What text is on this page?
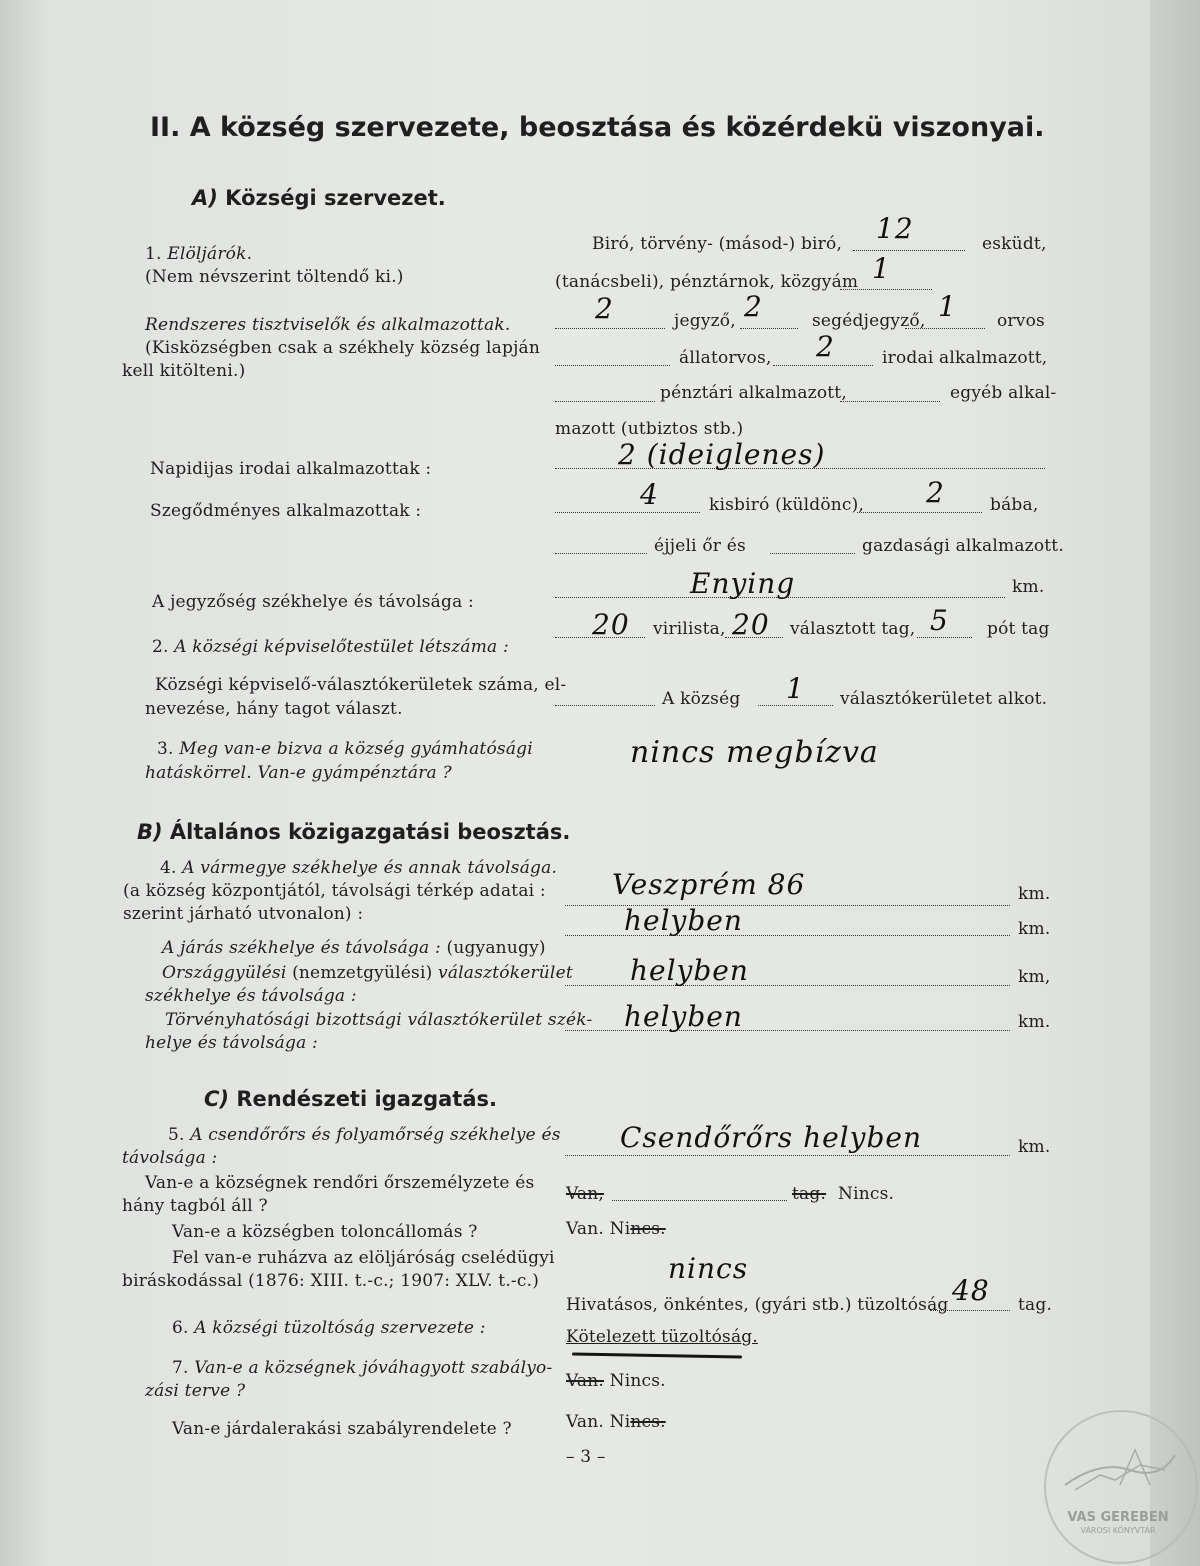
II. A község szervezete, beosztása és közérdekü viszonyai.
A) Községi szervezet.
1. Elöljárók.
(Nem névszerint töltendő ki.)
Rendszeres tisztviselők és alkalmazottak.
(Kisközségben csak a székhely község lapján
kell kitölteni.)
Biró, törvény- (másod-) biró, 12	esküdt,
(tanácsbeli), pénztárnok, közgyám 1
2	jegyző, 2	segédjegyző, 1 orvos
állatorvos, 2	irodai alkalmazott,
pénztári alkalmazott,	egyéb alkal-
mazott (utbiztos stb.)
Napidijas irodai alkalmazottak :	2 (ideiglenes)
Szegődményes alkalmazottak :	4	kisbiró (küldönc), 2	bába,
éjjeli őr és	gazdasági alkalmazott.
A jegyzőség székhelye és távolsága :
Enying	km.
2. A községi képviselőtestület létszáma :
20 virilista, 20 választott tag, 5 pót tag
Községi képviselő-választókerületek száma, el-
nevezése, hány tagot választ.	A község 1 választókerületet alkot.
3. Meg van-e bizva a község gyámhatósági
hatáskörrel. Van-e gyámpénztára ?
nincs megbízva
B) Általános közigazgatási beosztás.
4. A vármegye székhelye és annak távolsága.
(a község központjától, távolsági térkép adatai :
szerint járható utvonalon) :
Veszprém 86	km.
A járás székhelye és távolsága : (ugyanugy)
helyben	km.
Országgyülési (nemzetgyülési) választókerület
székhelye és távolsága :
helyben	km,
Törvényhatósági bizottsági választókerület szék-
helye és távolsága :
helyben	km.
C) Rendészeti igazgatás.
5. A csendőrőrs és folyamőrség székhelye és
távolsága :
Csendőrőrs helyben	km.
Van-e a községnek rendőri őrszemélyzete és
hány tagból áll ?
Van,	tag. Nincs.
Van-e a községben toloncállomás ?	Van. Nincs.
Fel van-e ruházva az elöljáróság cselédügyi
biráskodással (1876: XIII. t.-c.; 1907: XLV. t.-c.)	nincs
6. A községi tüzoltóság szervezete :
Hivatásos, önkéntes, (gyári stb.) tüzoltóság 48 tag.
Kötelezett tüzoltóság.
7. Van-e a községnek jóváhagyott szabályo-
zási terve ?	Van. Nincs.
Van-e járdalerakási szabályrendelete ?	Van. Nincs.
– 3 –
VAS GEREBEN
VÁROSI KÖNYVTÁR
